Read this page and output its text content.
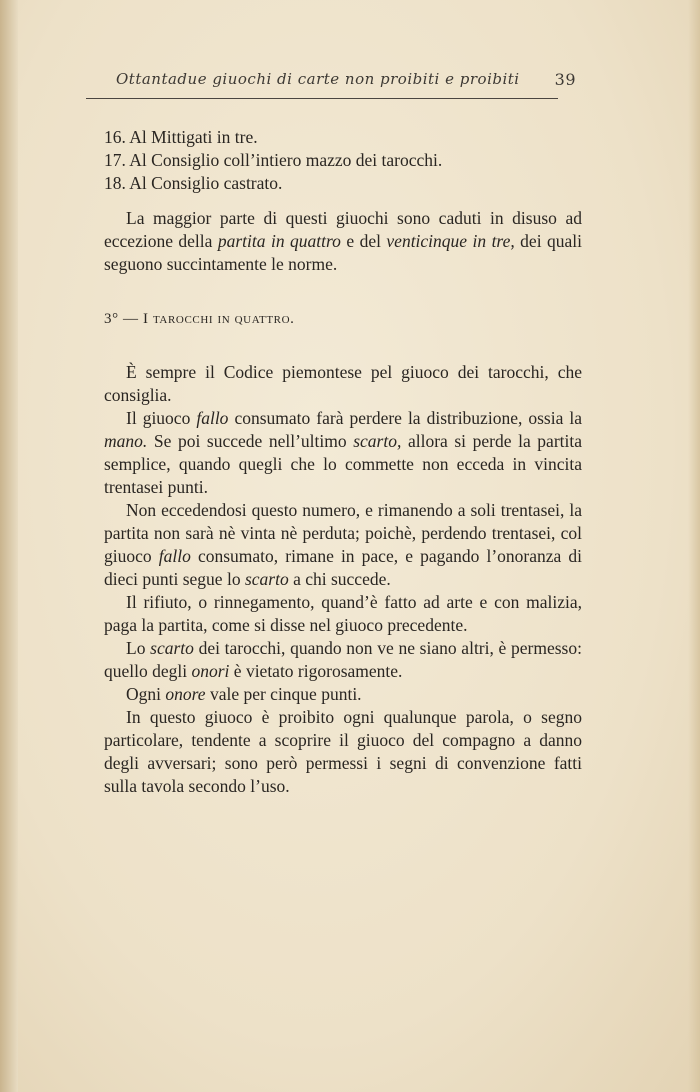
Ottantadue giuochi di carte non proibiti e proibiti 39

16. Al Mittigati in tre.

17. Al Consiglio coll’intiero mazzo dei tarocchi.

18. Al Consiglio castrato.

La maggior parte di questi giuochi sono caduti in disuso ad eccezione della partita in quattro e del venticinque in tre, dei quali seguono succintamente le norme.

3° — I tarocchi in quattro.

È sempre il Codice piemontese pel giuoco dei tarocchi, che consiglia.

Il giuoco fallo consumato farà perdere la distribuzione, ossia la mano. Se poi succede nell’ultimo scarto, allora si perde la partita semplice, quando quegli che lo commette non ecceda in vincita trentasei punti.

Non eccedendosi questo numero, e rimanendo a soli trentasei, la partita non sarà nè vinta nè perduta; poichè, perdendo trentasei, col giuoco fallo consumato, rimane in pace, e pagando l’onoranza di dieci punti segue lo scarto a chi succede.

Il rifiuto, o rinnegamento, quand’è fatto ad arte e con malizia, paga la partita, come si disse nel giuoco precedente.

Lo scarto dei tarocchi, quando non ve ne siano altri, è permesso: quello degli onori è vietato rigorosamente.

Ogni onore vale per cinque punti.

In questo giuoco è proibito ogni qualunque parola, o segno particolare, tendente a scoprire il giuoco del compagno a danno degli avversari; sono però permessi i segni di convenzione fatti sulla tavola secondo l’uso.
